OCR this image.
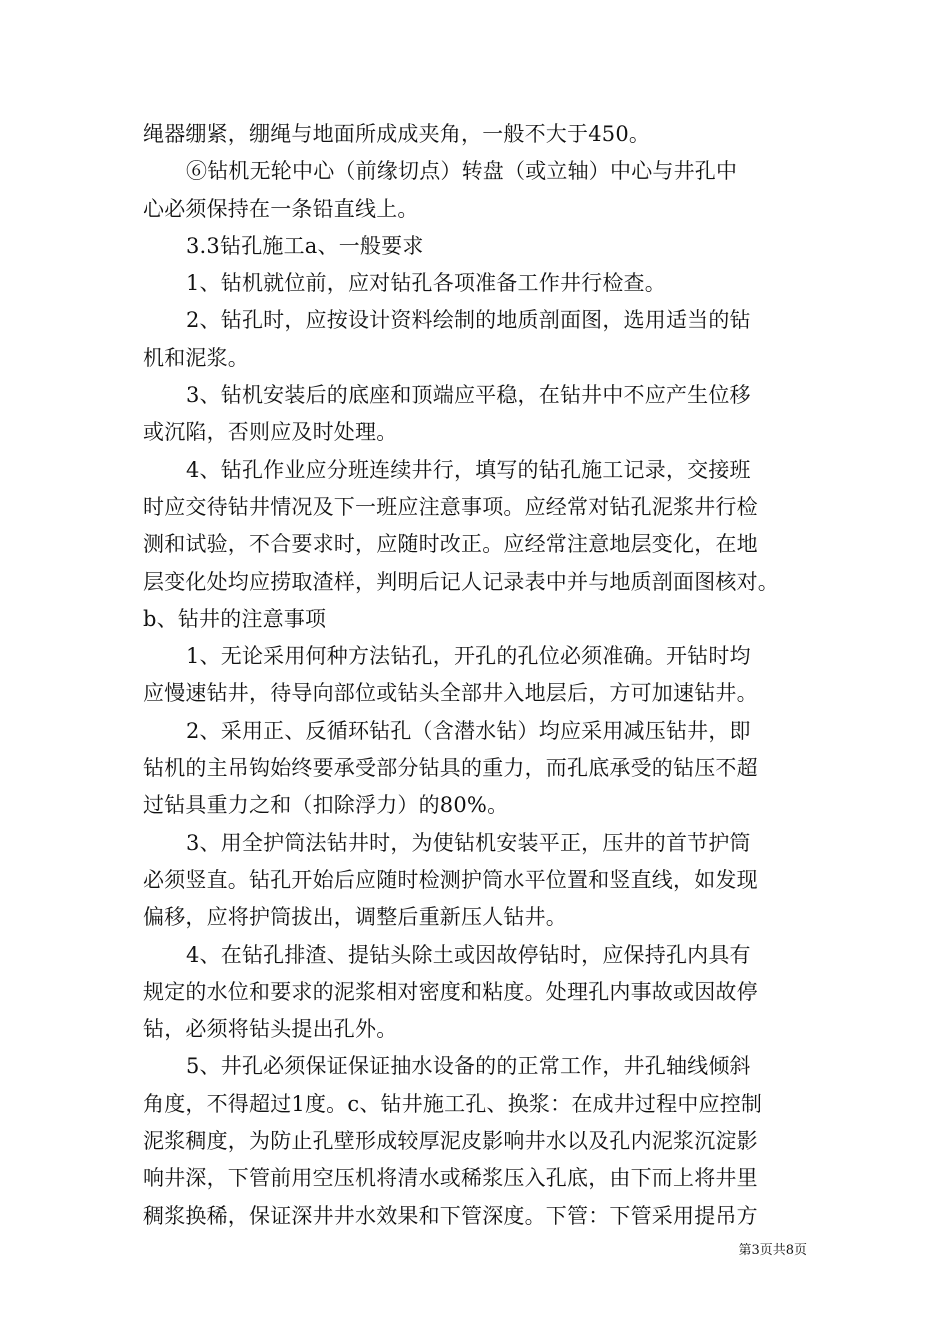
绳器绷紧，绷绳与地面所成成夹角，一般不大于450。
⑥钻机无轮中心（前缘切点）转盘（或立轴）中心与井孔中
心必须保持在一条铅直线上。
3.3钻孔施工a、一般要求
1、钻机就位前，应对钻孔各项准备工作井行检查。
2、钻孔时，应按设计资料绘制的地质剖面图，选用适当的钻
机和泥浆。
3、钻机安装后的底座和顶端应平稳，在钻井中不应产生位移
或沉陷，否则应及时处理。
4、钻孔作业应分班连续井行，填写的钻孔施工记录，交接班
时应交待钻井情况及下一班应注意事项。应经常对钻孔泥浆井行检
测和试验，不合要求时，应随时改正。应经常注意地层变化，在地
层变化处均应捞取渣样，判明后记人记录表中并与地质剖面图核对。
b、钻井的注意事项
1、无论采用何种方法钻孔，开孔的孔位必须准确。开钻时均
应慢速钻井，待导向部位或钻头全部井入地层后，方可加速钻井。
2、采用正、反循环钻孔（含潜水钻）均应采用减压钻井，即
钻机的主吊钩始终要承受部分钻具的重力，而孔底承受的钻压不超
过钻具重力之和（扣除浮力）的80%。
3、用全护筒法钻井时，为使钻机安装平正，压井的首节护筒
必须竖直。钻孔开始后应随时检测护筒水平位置和竖直线，如发现
偏移，应将护筒拔出，调整后重新压人钻井。
4、在钻孔排渣、提钻头除土或因故停钻时，应保持孔内具有
规定的水位和要求的泥浆相对密度和粘度。处理孔内事故或因故停
钻，必须将钻头提出孔外。
5、井孔必须保证保证抽水设备的的正常工作，井孔轴线倾斜
角度，不得超过1度。c、钻井施工孔、换浆：在成井过程中应控制
泥浆稠度，为防止孔壁形成较厚泥皮影响井水以及孔内泥浆沉淀影
响井深，下管前用空压机将清水或稀浆压入孔底，由下而上将井里
稠浆换稀，保证深井井水效果和下管深度。下管：下管采用提吊方
第3页共8页
